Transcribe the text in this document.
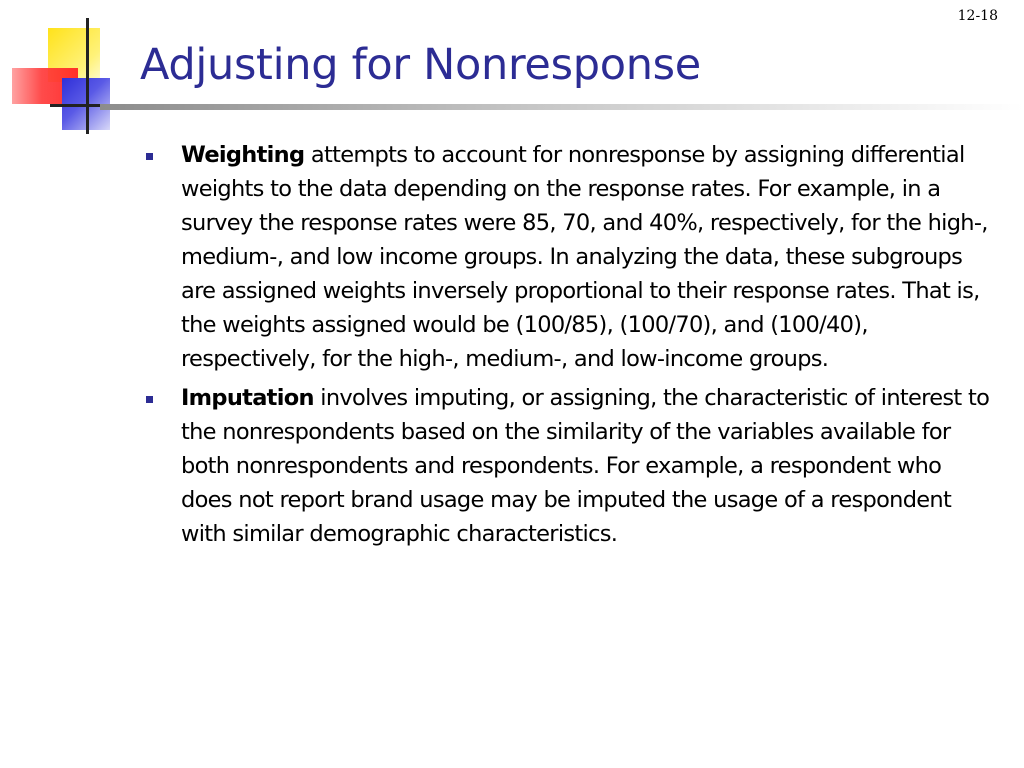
12-18
Adjusting for Nonresponse
Weighting attempts to account for nonresponse by assigning differential weights to the data depending on the response rates. For example, in a survey the response rates were 85, 70, and 40%, respectively, for the high-, medium-, and low income groups. In analyzing the data, these subgroups are assigned weights inversely proportional to their response rates. That is, the weights assigned would be (100/85), (100/70), and (100/40), respectively, for the high-, medium-, and low-income groups.
Imputation involves imputing, or assigning, the characteristic of interest to the nonrespondents based on the similarity of the variables available for both nonrespondents and respondents. For example, a respondent who does not report brand usage may be imputed the usage of a respondent with similar demographic characteristics.
